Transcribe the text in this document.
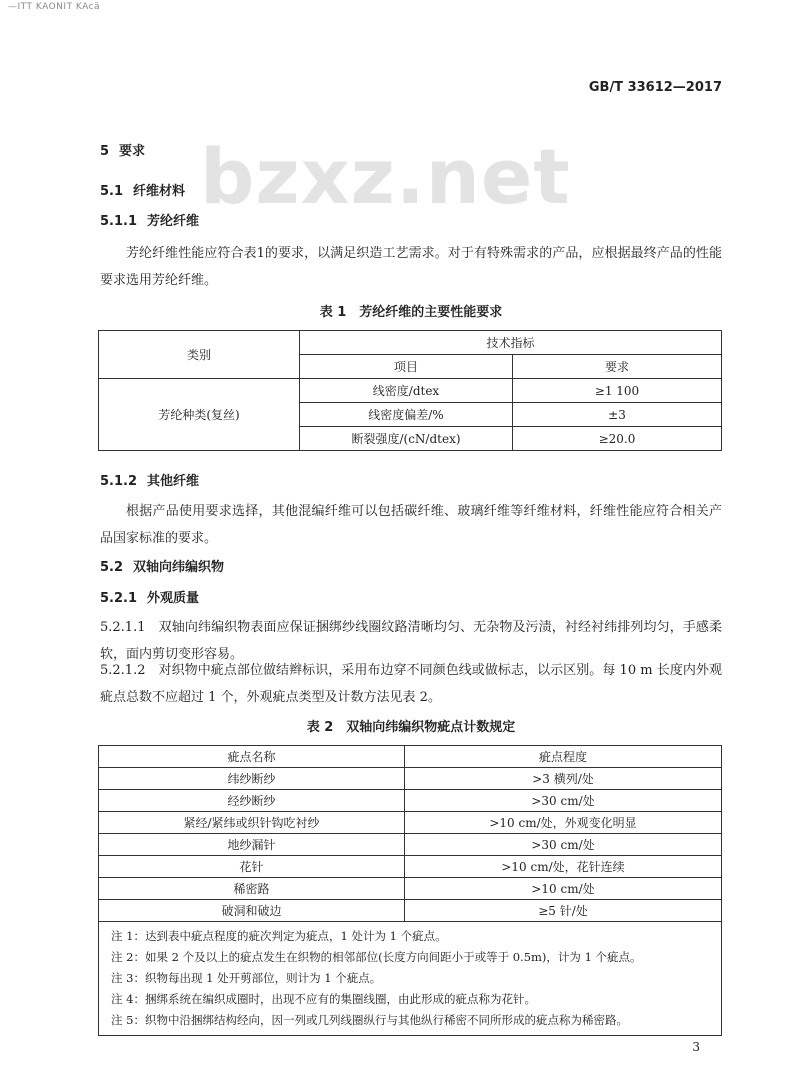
—ITT KAONIT KAcä
GB/T 33612—2017
bzxz.net
5 要求
5.1 纤维材料
5.1.1 芳纶纤维
芳纶纤维性能应符合表1的要求，以满足织造工艺需求。对于有特殊需求的产品，应根据最终产品的性能要求选用芳纶纤维。
表 1　芳纶纤维的主要性能要求
类别	技术指标	
	项目	要求
芳纶种类(复丝)	线密度/dtex	≥1 100
	线密度偏差/%	±3
	断裂强度/(cN/dtex)	≥20.0
5.1.2 其他纤维
根据产品使用要求选择，其他混编纤维可以包括碳纤维、玻璃纤维等纤维材料，纤维性能应符合相关产品国家标准的要求。
5.2 双轴向纬编织物
5.2.1 外观质量
5.2.1.1　双轴向纬编织物表面应保证捆绑纱线圈纹路清晰均匀、无杂物及污渍，衬经衬纬排列均匀，手感柔软，面内剪切变形容易。
5.2.1.2　对织物中疵点部位做结辫标识，采用布边穿不同颜色线或做标志，以示区别。每 10 m 长度内外观疵点总数不应超过 1 个，外观疵点类型及计数方法见表 2。
表 2　双轴向纬编织物疵点计数规定
疵点名称	疵点程度
纬纱断纱	>3 横列/处
经纱断纱	>30 cm/处
紧经/紧纬或织针钩吃衬纱	>10 cm/处，外观变化明显
地纱漏针	>30 cm/处
花针	>10 cm/处，花针连续
稀密路	>10 cm/处
破洞和破边	≥5 针/处

注 1：达到表中疵点程度的疵次判定为疵点，1 处计为 1 个疵点。
注 2：如果 2 个及以上的疵点发生在织物的相邻部位(长度方向间距小于或等于 0.5m)，计为 1 个疵点。
注 3：织物每出现 1 处开剪部位，则计为 1 个疵点。
注 4：捆绑系统在编织成圈时，出现不应有的集圈线圈，由此形成的疵点称为花针。
注 5：织物中沿捆绑结构经向，因一列或几列线圈纵行与其他纵行稀密不同所形成的疵点称为稀密路。	
3
